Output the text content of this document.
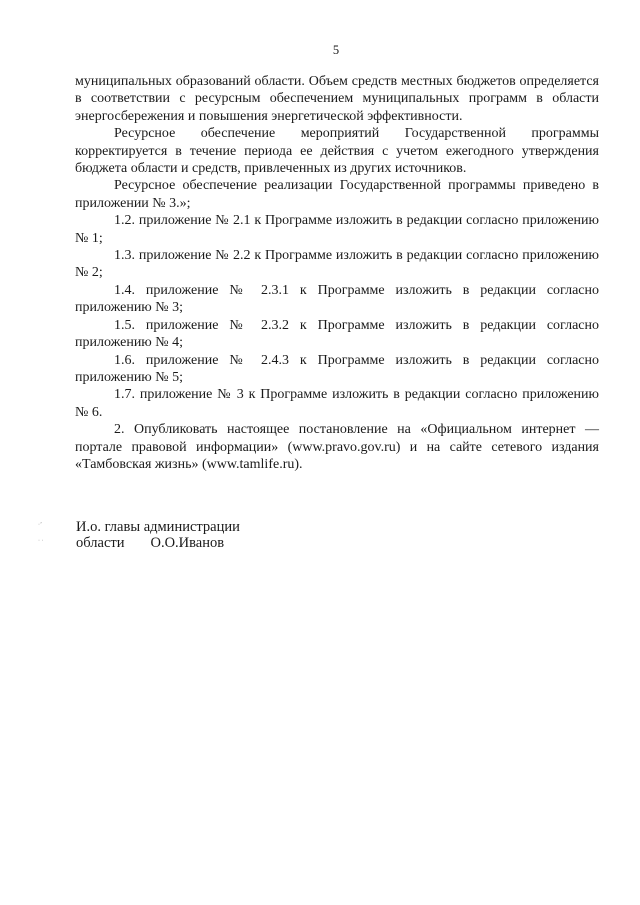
5

муниципальных образований области. Объем средств местных бюджетов определяется в соответствии с ресурсным обеспечением муниципальных программ в области энергосбережения и повышения энергетической эффективности.

Ресурсное обеспечение мероприятий Государственной программы корректируется в течение периода ее действия с учетом ежегодного утверждения бюджета области и средств, привлеченных из других источников.

Ресурсное обеспечение реализации Государственной программы приведено в приложении № 3.»;

1.2. приложение № 2.1 к Программе изложить в редакции согласно приложению № 1;

1.3. приложение № 2.2 к Программе изложить в редакции согласно приложению № 2;

1.4. приложение № 2.3.1 к Программе изложить в редакции согласно приложению № 3;

1.5. приложение № 2.3.2 к Программе изложить в редакции согласно приложению № 4;

1.6. приложение № 2.4.3 к Программе изложить в редакции согласно приложению № 5;

1.7. приложение № 3 к Программе изложить в редакции согласно приложению № 6.

2. Опубликовать настоящее постановление на «Официальном интернет — портале правовой информации» (www.pravo.gov.ru) и на сайте сетевого издания «Тамбовская жизнь» (www.tamlife.ru).

·ʼ
· ·
И.о. главы администрации
области О.О.Иванов
